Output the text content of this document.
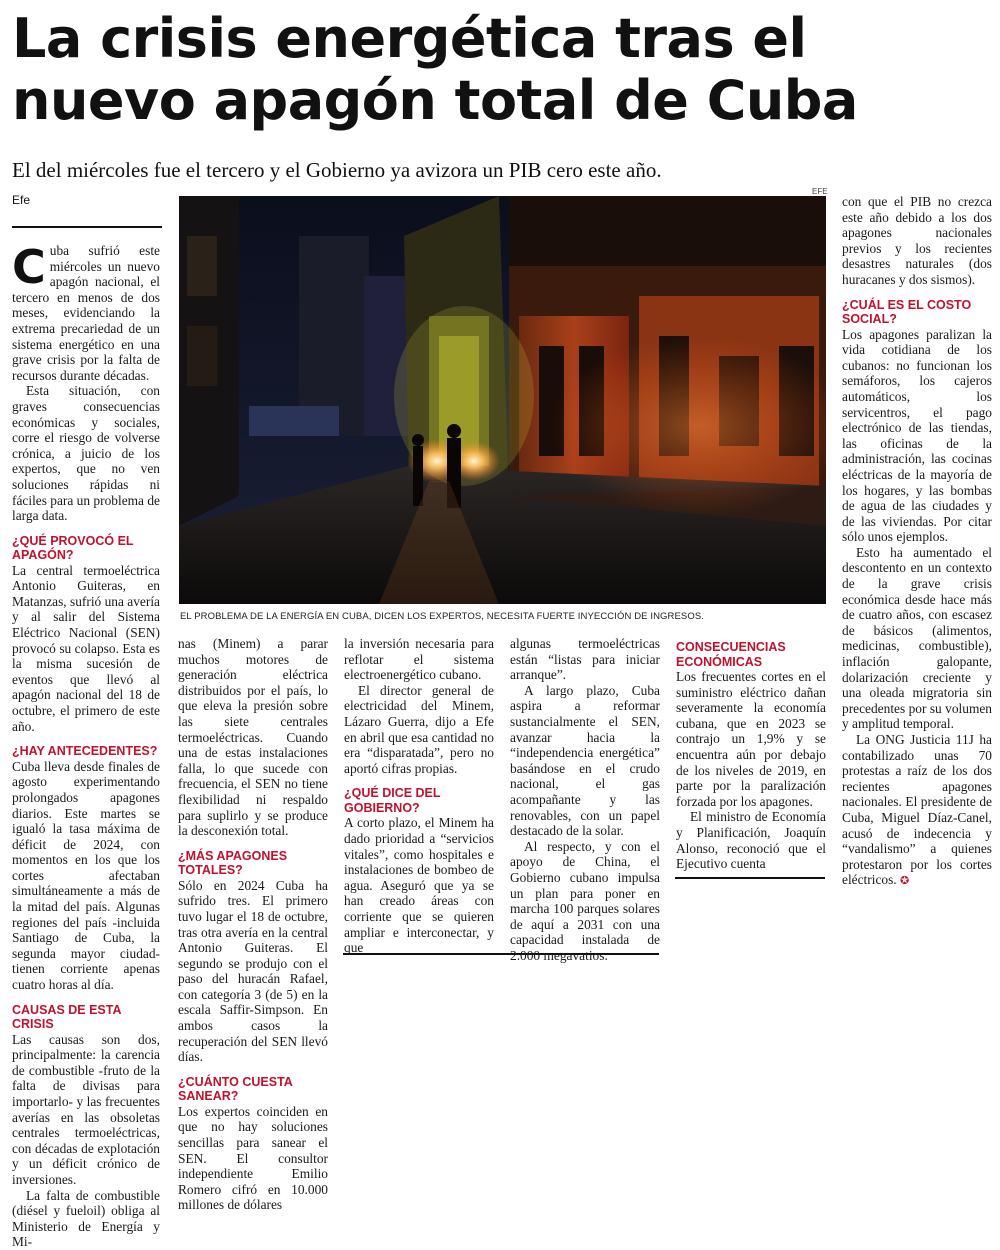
La crisis energética tras el
nuevo apagón total de Cuba
El del miércoles fue el tercero y el Gobierno ya avizora un PIB cero este año.
Efe
EFE
EL PROBLEMA DE LA ENERGÍA EN CUBA, DICEN LOS EXPERTOS, NECESITA FUERTE INYECCIÓN DE INGRESOS.

Cuba sufrió este miércoles un nuevo apagón nacional, el tercero en menos de dos meses, evidenciando la extrema precariedad de un sistema energético en una grave crisis por la falta de recursos durante décadas.

Esta situación, con graves consecuencias económicas y sociales, corre el riesgo de volverse crónica, a juicio de los expertos, que no ven soluciones rápidas ni fáciles para un problema de larga data.

¿QUÉ PROVOCÓ EL APAGÓN?

La central termoeléctrica Antonio Guiteras, en Matanzas, sufrió una avería y al salir del Sistema Eléctrico Nacional (SEN) provocó su colapso. Esta es la misma sucesión de eventos que llevó al apagón nacional del 18 de octubre, el primero de este año.

¿HAY ANTECEDENTES?

Cuba lleva desde finales de agosto experimentando prolongados apagones diarios. Este martes se igualó la tasa máxima de déficit de 2024, con momentos en los que los cortes afectaban simultáneamente a más de la mitad del país. Algunas regiones del país -incluida Santiago de Cuba, la segunda mayor ciudad- tienen corriente apenas cuatro horas al día.

CAUSAS DE ESTA CRISIS

Las causas son dos, principalmente: la carencia de combustible -fruto de la falta de divisas para importarlo- y las frecuentes averías en las obsoletas centrales termoeléctricas, con décadas de explotación y un déficit crónico de inversiones.

La falta de combustible (diésel y fueloil) obliga al Ministerio de Energía y Mi-

nas (Minem) a parar muchos motores de generación eléctrica distribuidos por el país, lo que eleva la presión sobre las siete centrales termoeléctricas. Cuando una de estas instalaciones falla, lo que sucede con frecuencia, el SEN no tiene flexibilidad ni respaldo para suplirlo y se produce la desconexión total.

¿MÁS APAGONES TOTALES?

Sólo en 2024 Cuba ha sufrido tres. El primero tuvo lugar el 18 de octubre, tras otra avería en la central Antonio Guiteras. El segundo se produjo con el paso del huracán Rafael, con categoría 3 (de 5) en la escala Saffir-Simpson. En ambos casos la recuperación del SEN llevó días.

¿CUÁNTO CUESTA SANEAR?

Los expertos coinciden en que no hay soluciones sencillas para sanear el SEN. El consultor independiente Emilio Romero cifró en 10.000 millones de dólares

la inversión necesaria para reflotar el sistema electroenergético cubano.

El director general de electricidad del Minem, Lázaro Guerra, dijo a Efe en abril que esa cantidad no era “disparatada”, pero no aportó cifras propias.

¿QUÉ DICE DEL GOBIERNO?

A corto plazo, el Minem ha dado prioridad a “servicios vitales”, como hospitales e instalaciones de bombeo de agua. Aseguró que ya se han creado áreas con corriente que se quieren ampliar e interconectar, y que

algunas termoeléctricas están “listas para iniciar arranque”.

A largo plazo, Cuba aspira a reformar sustancialmente el SEN, avanzar hacia la “independencia energética” basándose en el crudo nacional, el gas acompañante y las renovables, con un papel destacado de la solar.

Al respecto, y con el apoyo de China, el Gobierno cubano impulsa un plan para poner en marcha 100 parques solares de aquí a 2031 con una capacidad instalada de 2.000 megavatios.

CONSECUENCIAS ECONÓMICAS

Los frecuentes cortes en el suministro eléctrico dañan severamente la economía cubana, que en 2023 se contrajo un 1,9% y se encuentra aún por debajo de los niveles de 2019, en parte por la paralización forzada por los apagones.

El ministro de Economía y Planificación, Joaquín Alonso, reconoció que el Ejecutivo cuenta

con que el PIB no crezca este año debido a los dos apagones nacionales previos y los recientes desastres naturales (dos huracanes y dos sismos).

¿CUÁL ES EL COSTO SOCIAL?

Los apagones paralizan la vida cotidiana de los cubanos: no funcionan los semáforos, los cajeros automáticos, los servicentros, el pago electrónico de las tiendas, las oficinas de la administración, las cocinas eléctricas de la mayoría de los hogares, y las bombas de agua de las ciudades y de las viviendas. Por citar sólo unos ejemplos.

Esto ha aumentado el descontento en un contexto de la grave crisis económica desde hace más de cuatro años, con escasez de básicos (alimentos, medicinas, combustible), inflación galopante, dolarización creciente y una oleada migratoria sin precedentes por su volumen y amplitud temporal.

La ONG Justicia 11J ha contabilizado unas 70 protestas a raíz de los dos recientes apagones nacionales. El presidente de Cuba, Miguel Díaz-Canel, acusó de indecencia y “vandalismo” a quienes protestaron por los cortes eléctricos. ✪
